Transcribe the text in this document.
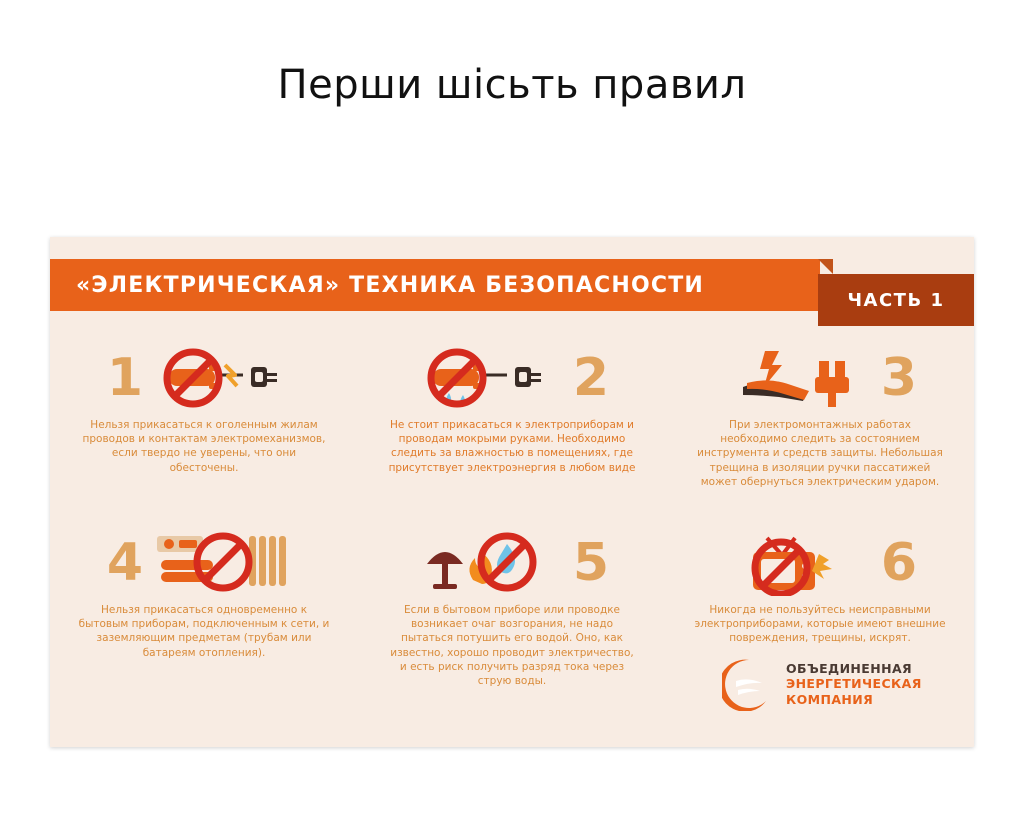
Перши шісьть правил
«ЭЛЕКТРИЧЕСКАЯ» ТЕХНИКА БЕЗОПАСНОСТИ
ЧАСТЬ 1
1
Нельзя прикасаться к оголенным жилам проводов и контактам электромеханизмов, если твердо не уверены, что они обесточены.
2
Не стоит прикасаться к электроприборам и проводам мокрыми руками. Необходимо следить за влажностью в помещениях, где присутствует электроэнергия в любом виде
3
При электромонтажных работах необходимо следить за состоянием инструмента и средств защиты. Небольшая трещина в изоляции ручки пассатижей может обернуться электрическим ударом.
4
Нельзя прикасаться одновременно к бытовым приборам, подключенным к сети, и заземляющим предметам (трубам или батареям отопления).
5
Если в бытовом приборе или проводке возникает очаг возгорания, не надо пытаться потушить его водой. Оно, как известно, хорошо проводит электричество, и есть риск получить разряд тока через струю воды.
6
Никогда не пользуйтесь неисправными электроприборами, которые имеют внешние повреждения, трещины, искрят.
ОБЪЕДИНЕННАЯ
ЭНЕРГЕТИЧЕСКАЯ
КОМПАНИЯ
